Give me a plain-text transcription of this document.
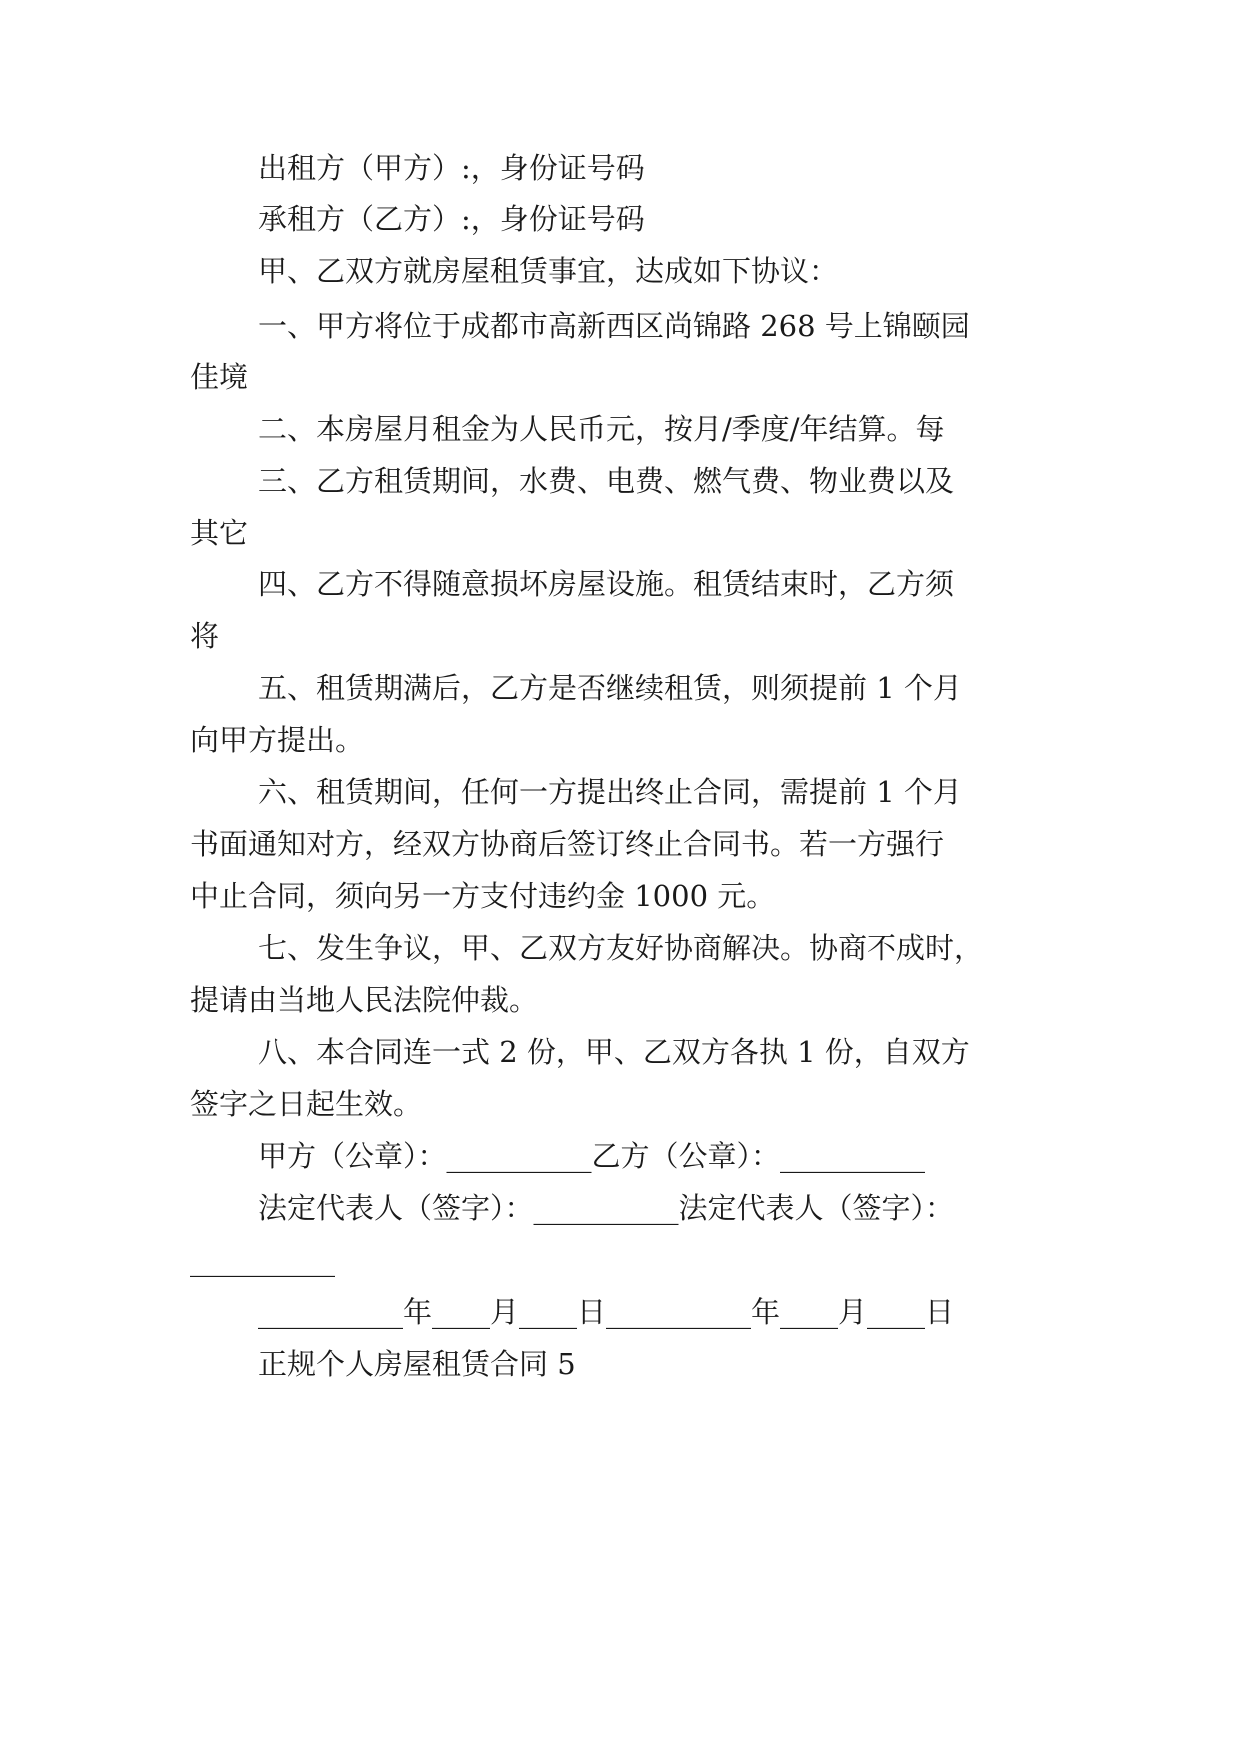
出租方（甲方）:，身份证号码
承租方（乙方）:，身份证号码
甲、乙双方就房屋租赁事宜，达成如下协议：
一、甲方将位于成都市高新西区尚锦路 268 号上锦颐园
佳境
二、本房屋月租金为人民币元，按月/季度/年结算。每
三、乙方租赁期间，水费、电费、燃气费、物业费以及
其它
四、乙方不得随意损坏房屋设施。租赁结束时，乙方须
将
五、租赁期满后，乙方是否继续租赁，则须提前 1 个月
向甲方提出。
六、租赁期间，任何一方提出终止合同，需提前 1 个月
书面通知对方，经双方协商后签订终止合同书。若一方强行
中止合同，须向另一方支付违约金 1000 元。
七、发生争议，甲、乙双方友好协商解决。协商不成时，
提请由当地人民法院仲裁。
八、本合同连一式 2 份，甲、乙双方各执 1 份，自双方
签字之日起生效。
甲方（公章）：__________乙方（公章）：__________
法定代表人（签字）：__________法定代表人（签字）：
__________
__________年____月____日__________年____月____日
正规个人房屋租赁合同 5
